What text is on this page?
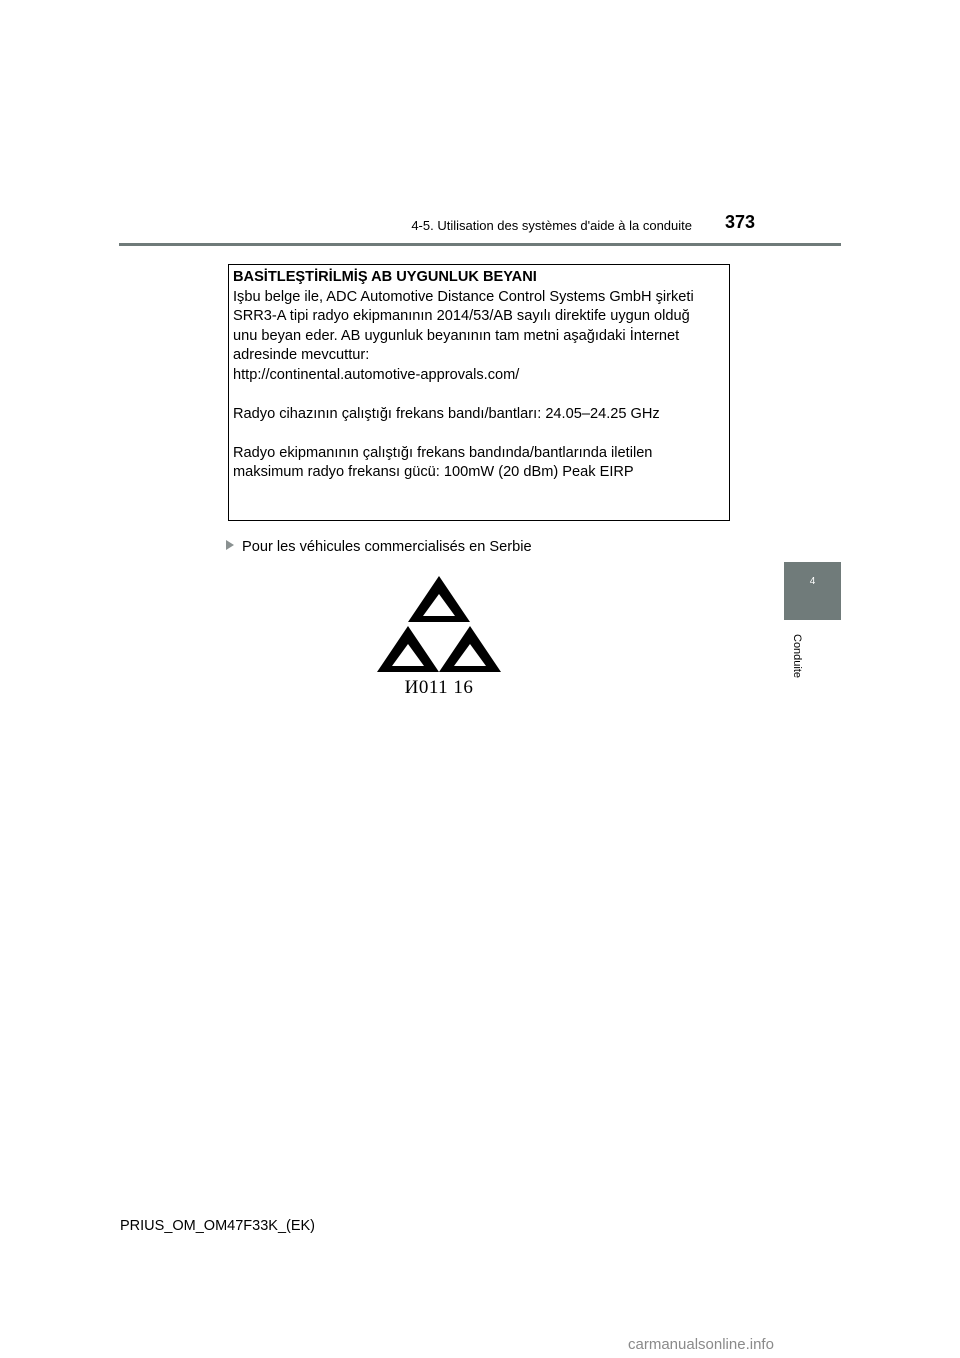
4-5. Utilisation des systèmes d'aide à la conduite	373
4
Conduite
BASİTLEŞTİRİLMİŞ AB UYGUNLUK BEYANI
Işbu belge ile, ADC Automotive Distance Control Systems GmbH şirketi
SRR3-A tipi radyo ekipmanının 2014/53/AB sayılı direktife uygun olduğ
unu beyan eder. AB uygunluk beyanının tam metni aşağıdaki İnternet
adresinde mevcuttur:
http://continental.automotive-approvals.com/
Radyo cihazının çalıştığı frekans bandı/bantları: 24.05–24.25 GHz
Radyo ekipmanının çalıştığı frekans bandında/bantlarında iletilen
maksimum radyo frekansı gücü: 100mW (20 dBm) Peak EIRP
Pour les véhicules commercialisés en Serbie
И011 16
PRIUS_OM_OM47F33K_(EK)
carmanualsonline.info
